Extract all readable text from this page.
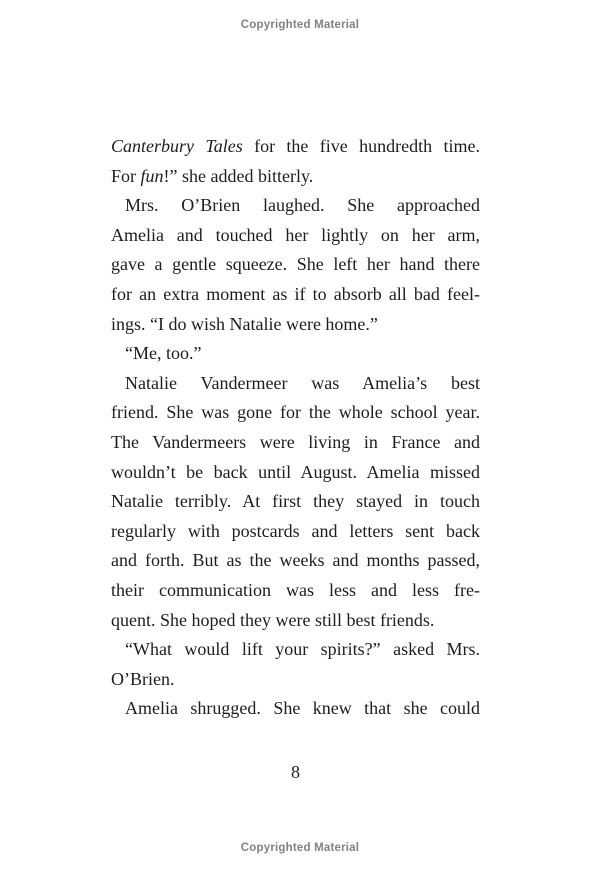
Copyrighted Material
Canterbury Tales for the five hundredth time.
For fun!” she added bitterly.
Mrs. O’Brien laughed. She approached
Amelia and touched her lightly on her arm,
gave a gentle squeeze. She left her hand there
for an extra moment as if to absorb all bad feel-
ings. “I do wish Natalie were home.”
“Me, too.”
Natalie Vandermeer was Amelia’s best
friend. She was gone for the whole school year.
The Vandermeers were living in France and
wouldn’t be back until August. Amelia missed
Natalie terribly. At first they stayed in touch
regularly with postcards and letters sent back
and forth. But as the weeks and months passed,
their communication was less and less fre-
quent. She hoped they were still best friends.
“What would lift your spirits?” asked Mrs.
O’Brien.
Amelia shrugged. She knew that she could
8
Copyrighted Material
